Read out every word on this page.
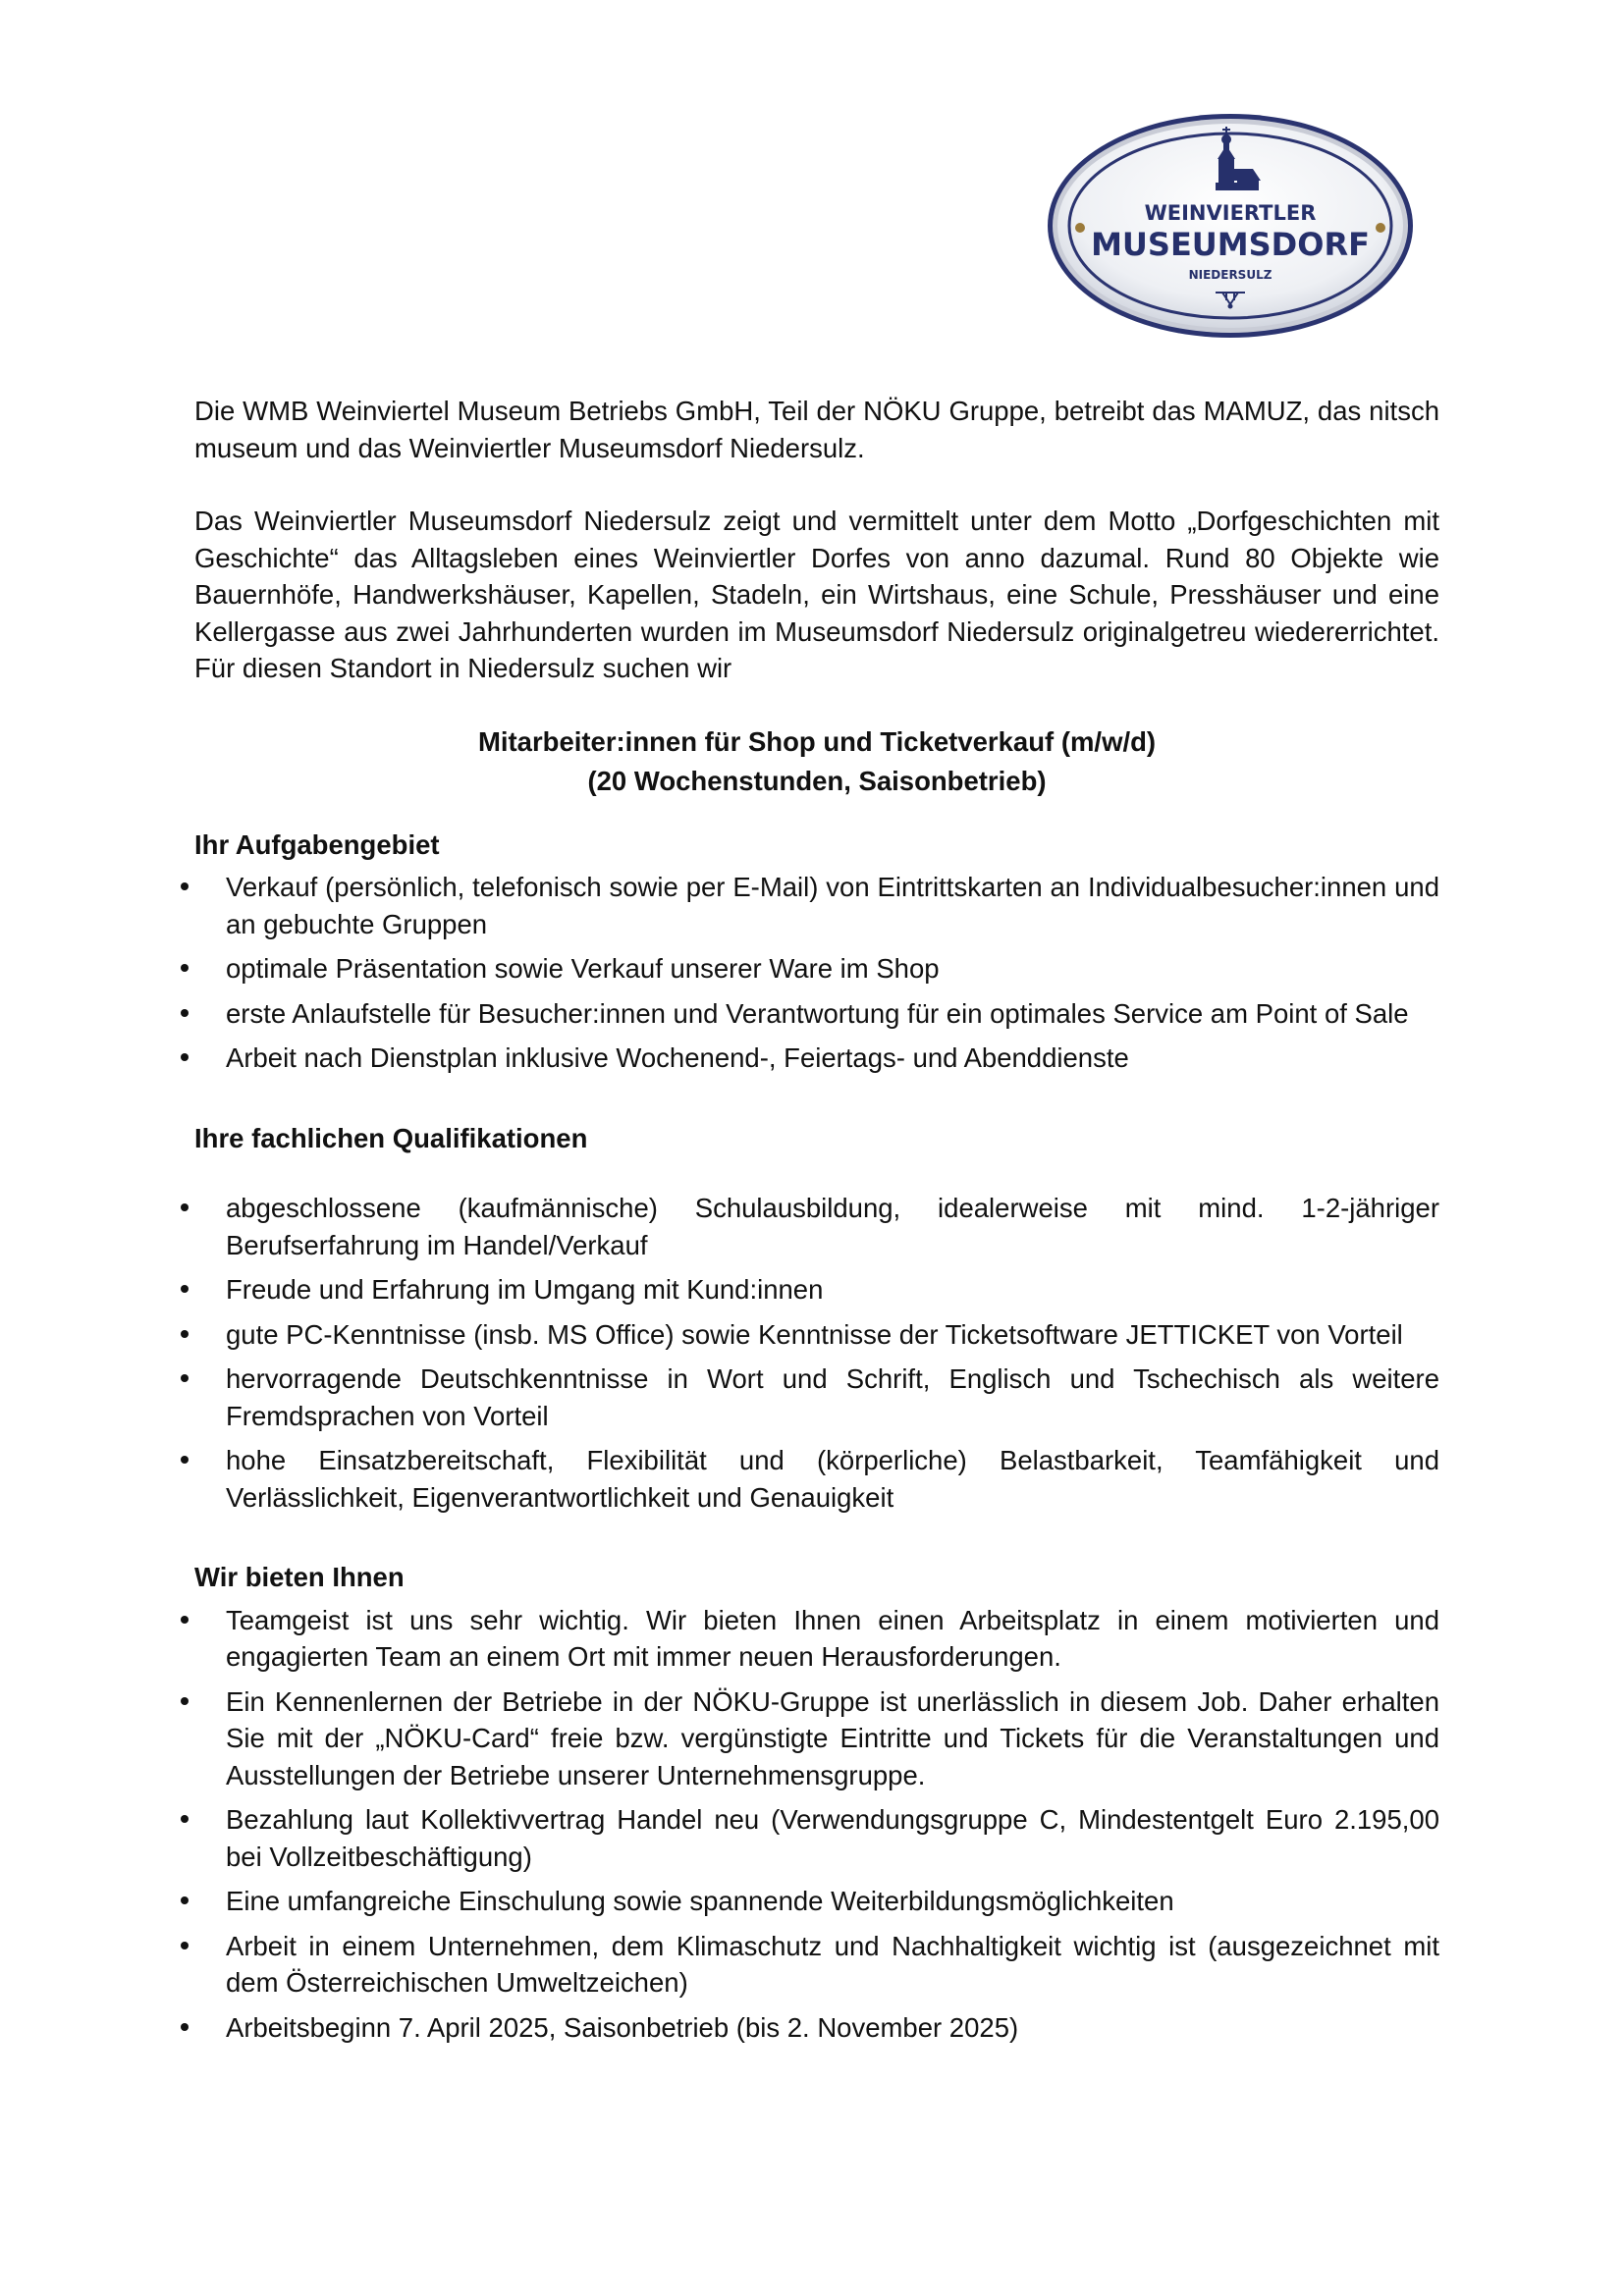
WEINVIERTLER
MUSEUMSDORF
NIEDERSULZ

Die WMB Weinviertel Museum Betriebs GmbH, Teil der NÖKU Gruppe, betreibt das MAMUZ, das nitsch museum und das Weinviertler Museumsdorf Niedersulz.

Das Weinviertler Museumsdorf Niedersulz zeigt und vermittelt unter dem Motto „Dorfgeschichten mit Geschichte“ das Alltagsleben eines Weinviertler Dorfes von anno dazumal. Rund 80 Objekte wie Bauernhöfe, Handwerkshäuser, Kapellen, Stadeln, ein Wirtshaus, eine Schule, Presshäuser und eine Kellergasse aus zwei Jahrhunderten wurden im Museumsdorf Niedersulz originalgetreu wiedererrichtet. Für diesen Standort in Niedersulz suchen wir

Mitarbeiter:innen für Shop und Ticketverkauf (m/w/d)
(20 Wochenstunden, Saisonbetrieb)
Ihr Aufgabengebiet
Verkauf (persönlich, telefonisch sowie per E-Mail) von Eintrittskarten an Individualbesucher:innen und an gebuchte Gruppen
optimale Präsentation sowie Verkauf unserer Ware im Shop
erste Anlaufstelle für Besucher:innen und Verantwortung für ein optimales Service am Point of Sale
Arbeit nach Dienstplan inklusive Wochenend-, Feiertags- und Abenddienste
Ihre fachlichen Qualifikationen
abgeschlossene (kaufmännische) Schulausbildung, idealerweise mit mind. 1-2-jähriger Berufserfahrung im Handel/Verkauf
Freude und Erfahrung im Umgang mit Kund:innen
gute PC-Kenntnisse (insb. MS Office) sowie Kenntnisse der Ticketsoftware JETTICKET von Vorteil
hervorragende Deutschkenntnisse in Wort und Schrift, Englisch und Tschechisch als weitere Fremdsprachen von Vorteil
hohe Einsatzbereitschaft, Flexibilität und (körperliche) Belastbarkeit, Teamfähigkeit und Verlässlichkeit, Eigenverantwortlichkeit und Genauigkeit
Wir bieten Ihnen
Teamgeist ist uns sehr wichtig. Wir bieten Ihnen einen Arbeitsplatz in einem motivierten und engagierten Team an einem Ort mit immer neuen Herausforderungen.
Ein Kennenlernen der Betriebe in der NÖKU-Gruppe ist unerlässlich in diesem Job. Daher erhalten Sie mit der „NÖKU-Card“ freie bzw. vergünstigte Eintritte und Tickets für die Veranstaltungen und Ausstellungen der Betriebe unserer Unternehmensgruppe.
Bezahlung laut Kollektivvertrag Handel neu (Verwendungsgruppe C, Mindestentgelt Euro 2.195,00 bei Vollzeitbeschäftigung)
Eine umfangreiche Einschulung sowie spannende Weiterbildungsmöglichkeiten
Arbeit in einem Unternehmen, dem Klimaschutz und Nachhaltigkeit wichtig ist (ausgezeichnet mit dem Österreichischen Umweltzeichen)
Arbeitsbeginn 7. April 2025, Saisonbetrieb (bis 2. November 2025)
